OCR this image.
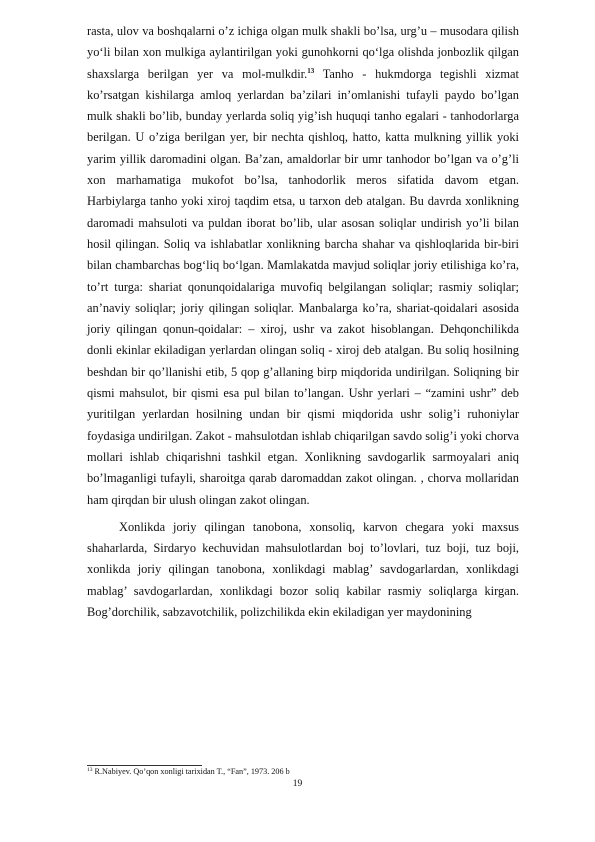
rasta, ulov va boshqalarni o’z ichiga olgan mulk shakli bo’lsa, urg’u – musodara qilish yo‘li bilan xon mulkiga aylantirilgan yoki gunohkorni qo‘lga olishda jonbozlik qilgan shaxslarga berilgan yer va mol-mulkdir.$^{13}$ Tanho - hukmdorga tegishli xizmat ko’rsatgan kishilarga amloq yerlardan ba’zilari in’omlanishi tufayli paydo bo’lgan mulk shakli bo’lib, bunday yerlarda soliq yig’ish huquqi tanho egalari - tanhodorlarga berilgan. U o’ziga berilgan yer, bir nechta qishloq, hatto, katta mulkning yillik yoki yarim yillik daromadini olgan. Ba’zan, amaldorlar bir umr tanhodor bo’lgan va o’g’li xon marhamatiga mukofot bo’lsa, tanhodorlik meros sifatida davom etgan. Harbiylarga tanho yoki xiroj taqdim etsa, u tarxon deb atalgan. Bu davrda xonlikning daromadi mahsuloti va puldan iborat bo’lib, ular asosan soliqlar undirish yo’li bilan hosil qilingan. Soliq va ishlabatlar xonlikning barcha shahar va qishloqlarida bir-biri bilan chambarchas bog‘liq bo‘lgan. Mamlakatda mavjud soliqlar joriy etilishiga ko’ra, to’rt turga: shariat qonunqoidalariga muvofiq belgilangan soliqlar; rasmiy soliqlar; an’naviy soliqlar; joriy qilingan soliqlar. Manbalarga ko’ra, shariat-qoidalari asosida joriy qilingan qonun-qoidalar: – xiroj, ushr va zakot hisoblangan. Dehqonchilikda donli ekinlar ekiladigan yerlardan olingan soliq - xiroj deb atalgan. Bu soliq hosilning beshdan bir qo’llanishi etib, 5 qop g’allaning birp miqdorida undirilgan. Soliqning bir qismi mahsulot, bir qismi esa pul bilan to’langan. Ushr yerlari – “zamini ushr” deb yuritilgan yerlardan hosilning undan bir qismi miqdorida ushr solig’i ruhoniylar foydasiga undirilgan. Zakot - mahsulotdan ishlab chiqarilgan savdo solig’i yoki chorva mollari ishlab chiqarishni tashkil etgan. Xonlikning savdogarlik sarmoyalari aniq bo’lmaganligi tufayli, sharoitga qarab daromaddan zakot olingan. , chorva mollaridan ham qirqdan bir ulush olingan zakot olingan.

Xonlikda joriy qilingan tanobona, xonsoliq, karvon chegara yoki maxsus shaharlarda, Sirdaryo kechuvidan mahsulotlardan boj to’lovlari, tuz boji, tuz boji, xonlikda joriy qilingan tanobona, xonlikdagi mablag’ savdogarlardan, xonlikdagi mablag’ savdogarlardan, xonlikdagi bozor soliq kabilar rasmiy soliqlarga kirgan. Bog’dorchilik, sabzavotchilik, polizchilikda ekin ekiladigan yer maydonining

$^{13}$ R.Nabiyev. Qo’qon xonligi tarixidan T., “Fan”, 1973. 206 b
19
